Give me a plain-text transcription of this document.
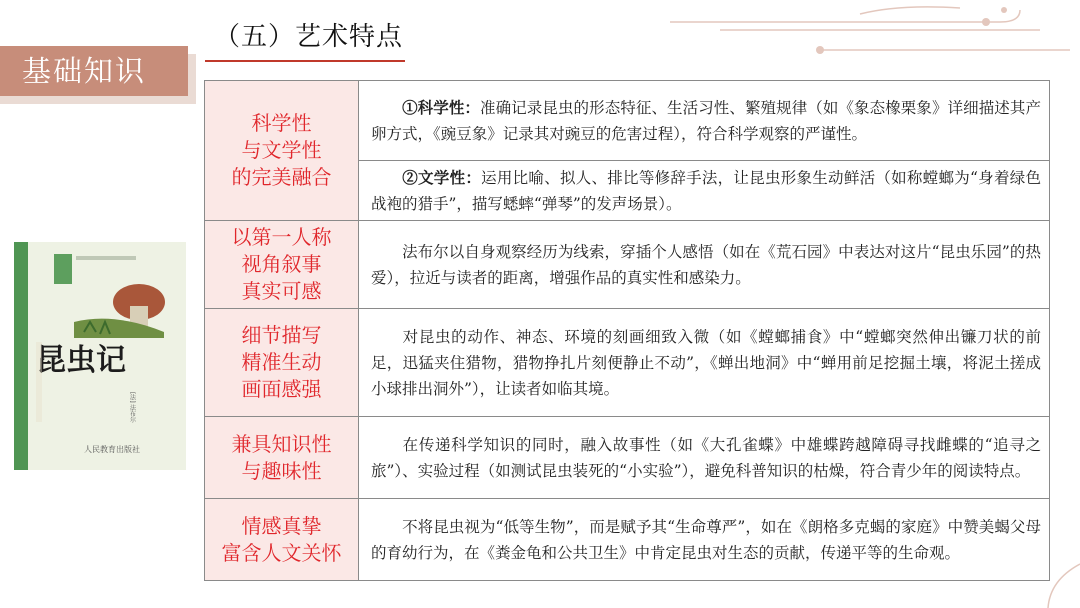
基础知识
（五）艺术特点
昆虫记
[法] 法布尔
人民教育出版社
科学性
与文学性
的完美融合	①科学性：准确记录昆虫的形态特征、生活习性、繁殖规律（如《象态橡栗象》详细描述其产卵方式，《豌豆象》记录其对豌豆的危害过程），符合科学观察的严谨性。
	②文学性：运用比喻、拟人、排比等修辞手法，让昆虫形象生动鲜活（如称螳螂为“身着绿色战袍的猎手”，描写蟋蟀“弹琴”的发声场景）。

以第一人称
视角叙事
真实可感	法布尔以自身观察经历为线索，穿插个人感悟（如在《荒石园》中表达对这片“昆虫乐园”的热爱），拉近与读者的距离，增强作品的真实性和感染力。

细节描写
精准生动
画面感强	对昆虫的动作、神态、环境的刻画细致入微（如《螳螂捕食》中“螳螂突然伸出镰刀状的前足，迅猛夹住猎物，猎物挣扎片刻便静止不动”，《蝉出地洞》中“蝉用前足挖掘土壤，将泥土搓成小球排出洞外”），让读者如临其境。

兼具知识性
与趣味性	在传递科学知识的同时，融入故事性（如《大孔雀蝶》中雄蝶跨越障碍寻找雌蝶的“追寻之旅”）、实验过程（如测试昆虫装死的“小实验”），避免科普知识的枯燥，符合青少年的阅读特点。

情感真挚
富含人文关怀	不将昆虫视为“低等生物”，而是赋予其“生命尊严”，如在《朗格多克蝎的家庭》中赞美蝎父母的育幼行为，在《粪金龟和公共卫生》中肯定昆虫对生态的贡献，传递平等的生命观。
